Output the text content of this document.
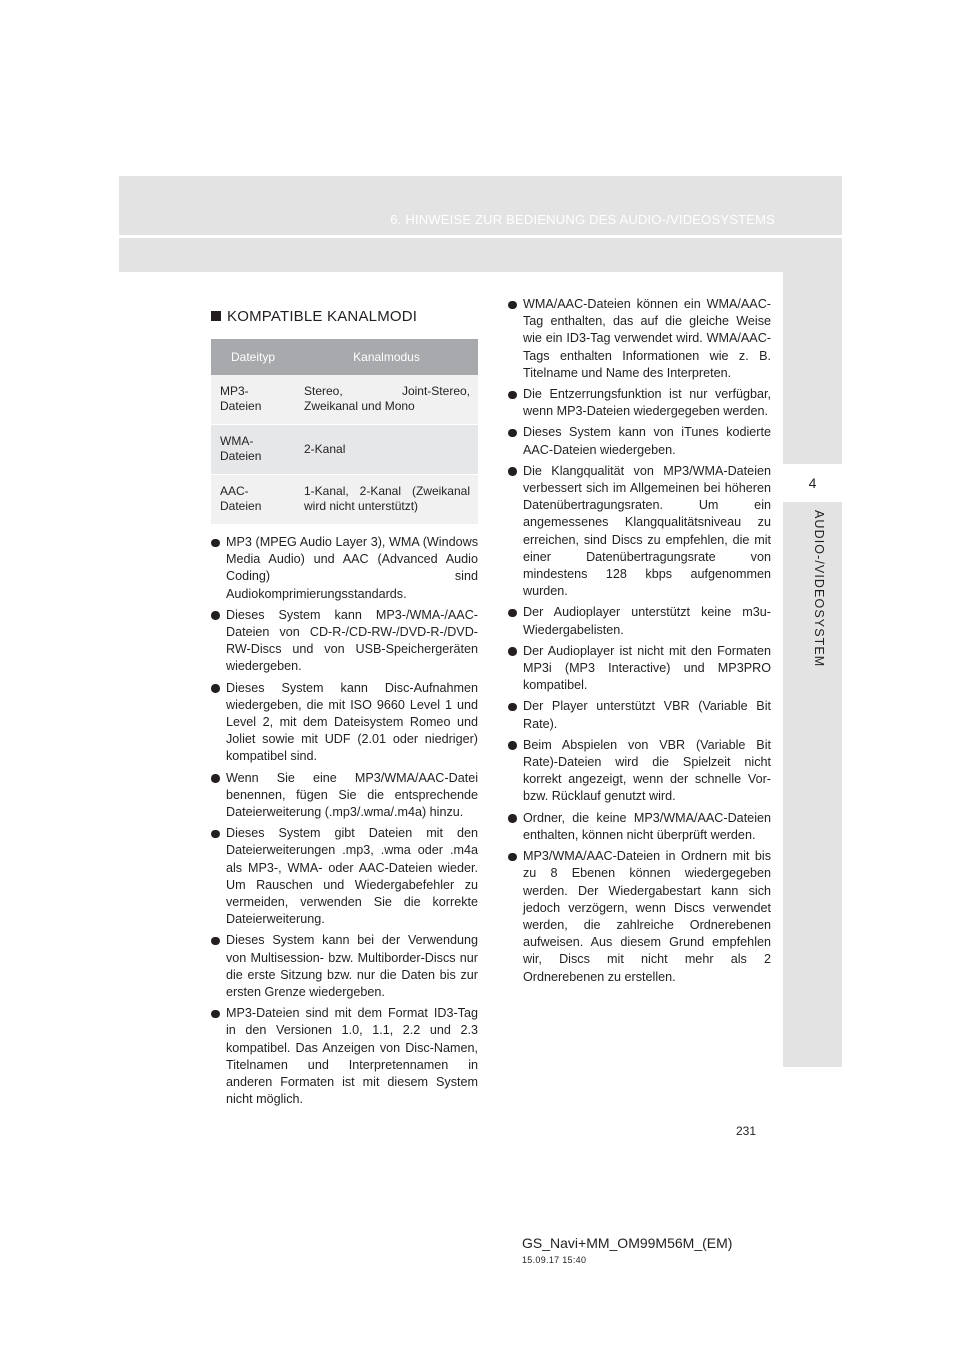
6. HINWEISE ZUR BEDIENUNG DES AUDIO-/VIDEOSYSTEMS
4
AUDIO-/VIDEOSYSTEM
KOMPATIBLE KANALMODI
Dateityp	Kanalmodus
MP3-
Dateien	Stereo, Joint-Stereo, Zweikanal und Mono
WMA-
Dateien	2-Kanal
AAC-
Dateien	1-Kanal, 2-Kanal (Zweikanal wird nicht unterstützt)
MP3 (MPEG Audio Layer 3), WMA (Windows Media Audio) und AAC (Advanced Audio Coding) sind Audiokomprimierungsstandards.
Dieses System kann MP3-/WMA-/AAC-Dateien von CD-R-/CD-RW-/DVD-R-/DVD-RW-Discs und von USB-Speichergeräten wiedergeben.
Dieses System kann Disc-Aufnahmen wiedergeben, die mit ISO 9660 Level 1 und Level 2, mit dem Dateisystem Romeo und Joliet sowie mit UDF (2.01 oder niedriger) kompatibel sind.
Wenn Sie eine MP3/WMA/AAC-Datei benennen, fügen Sie die entsprechende Dateierweiterung (.mp3/.wma/.m4a) hinzu.
Dieses System gibt Dateien mit den Dateierweiterungen .mp3, .wma oder .m4a als MP3-, WMA- oder AAC-Dateien wieder. Um Rauschen und Wiedergabefehler zu vermeiden, verwenden Sie die korrekte Dateierweiterung.
Dieses System kann bei der Verwendung von Multisession- bzw. Multiborder-Discs nur die erste Sitzung bzw. nur die Daten bis zur ersten Grenze wiedergeben.
MP3-Dateien sind mit dem Format ID3-Tag in den Versionen 1.0, 1.1, 2.2 und 2.3 kompatibel. Das Anzeigen von Disc-Namen, Titelnamen und Interpretennamen in anderen Formaten ist mit diesem System nicht möglich.
WMA/AAC-Dateien können ein WMA/AAC-Tag enthalten, das auf die gleiche Weise wie ein ID3-Tag verwendet wird. WMA/AAC-Tags enthalten Informationen wie z. B. Titelname und Name des Interpreten.
Die Entzerrungsfunktion ist nur verfügbar, wenn MP3-Dateien wiedergegeben werden.
Dieses System kann von iTunes kodierte AAC-Dateien wiedergeben.
Die Klangqualität von MP3/WMA-Dateien verbessert sich im Allgemeinen bei höheren Datenübertragungsraten. Um ein angemessenes Klangqualitätsniveau zu erreichen, sind Discs zu empfehlen, die mit einer Datenübertragungsrate von mindestens 128 kbps aufgenommen wurden.
Der Audioplayer unterstützt keine m3u-Wiedergabelisten.
Der Audioplayer ist nicht mit den Formaten MP3i (MP3 Interactive) und MP3PRO kompatibel.
Der Player unterstützt VBR (Variable Bit Rate).
Beim Abspielen von VBR (Variable Bit Rate)-Dateien wird die Spielzeit nicht korrekt angezeigt, wenn der schnelle Vor- bzw. Rücklauf genutzt wird.
Ordner, die keine MP3/WMA/AAC-Dateien enthalten, können nicht überprüft werden.
MP3/WMA/AAC-Dateien in Ordnern mit bis zu 8 Ebenen können wiedergegeben werden. Der Wiedergabestart kann sich jedoch verzögern, wenn Discs verwendet werden, die zahlreiche Ordnerebenen aufweisen. Aus diesem Grund empfehlen wir, Discs mit nicht mehr als 2 Ordnerebenen zu erstellen.
231
GS_Navi+MM_OM99M56M_(EM)
15.09.17 15:40
